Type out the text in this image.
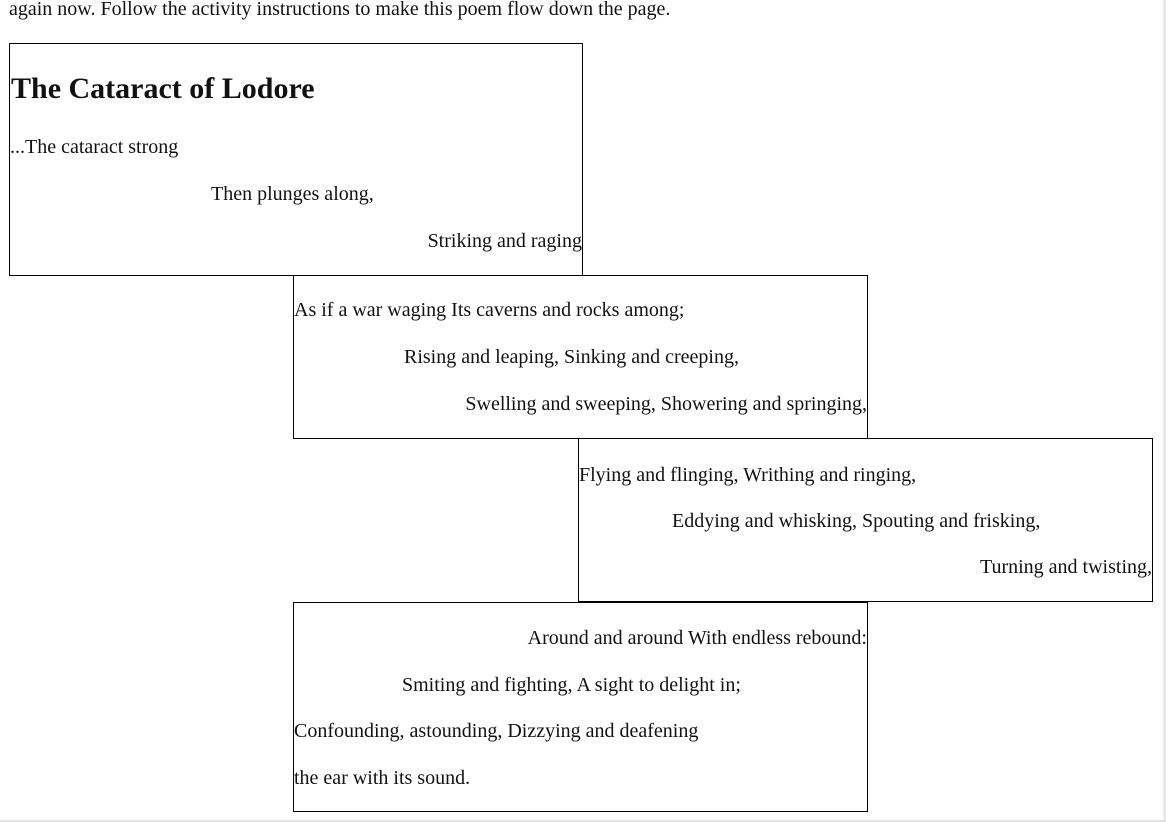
again now. Follow the activity instructions to make this poem flow down the page.

The Cataract of Lodore

...The cataract strong

Then plunges along,

Striking and raging

As if a war waging Its caverns and rocks among;

Rising and leaping, Sinking and creeping,

Swelling and sweeping, Showering and springing,

Flying and flinging, Writhing and ringing,

Eddying and whisking, Spouting and frisking,

Turning and twisting,

Around and around With endless rebound:

Smiting and fighting, A sight to delight in;

Confounding, astounding, Dizzying and deafening

the ear with its sound.
